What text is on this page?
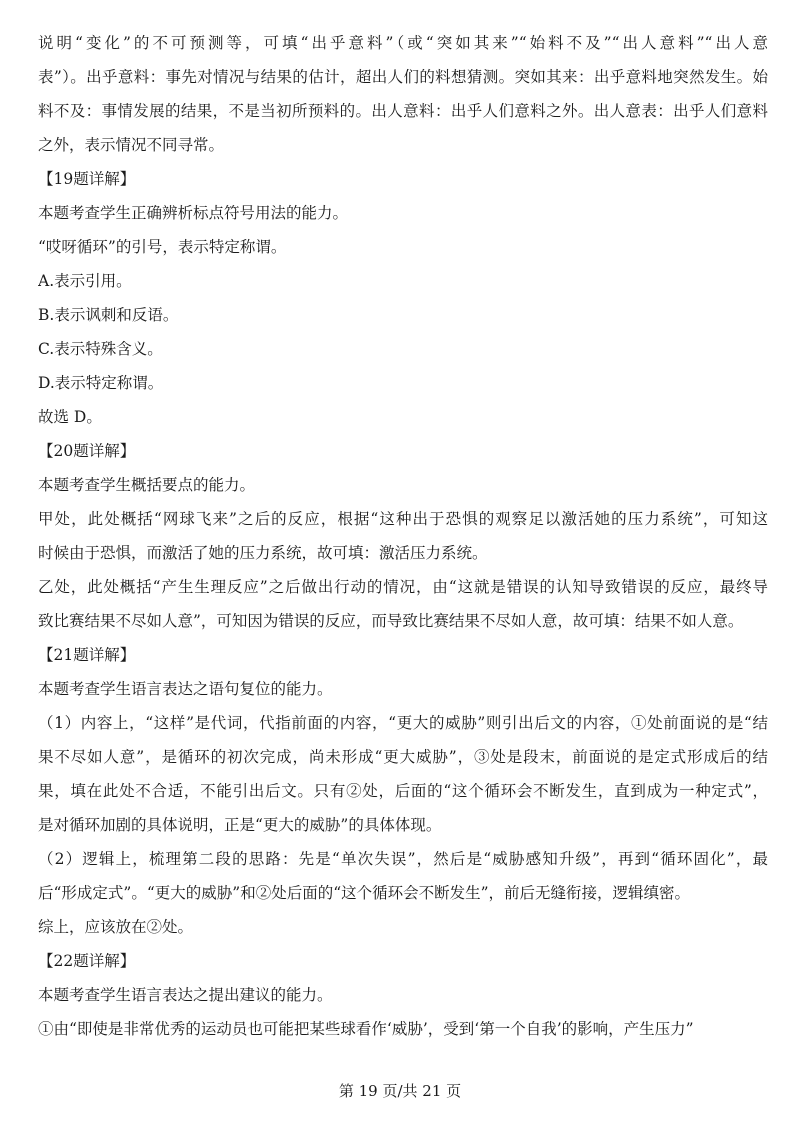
说明“变化”的不可预测等，可填“出乎意料”（或“突如其来”“始料不及”“出人意料”“出人意
表”）。出乎意料：事先对情况与结果的估计，超出人们的料想猜测。突如其来：出乎意料地突然发生。始
料不及：事情发展的结果，不是当初所预料的。出人意料：出乎人们意料之外。出人意表：出乎人们意料
之外，表示情况不同寻常。
【19题详解】
本题考查学生正确辨析标点符号用法的能力。
“哎呀循环”的引号，表示特定称谓。
A.表示引用。
B.表示讽刺和反语。
C.表示特殊含义。
D.表示特定称谓。
故选 D。
【20题详解】
本题考查学生概括要点的能力。
甲处，此处概括“网球飞来”之后的反应，根据“这种出于恐惧的观察足以激活她的压力系统”，可知这
时候由于恐惧，而激活了她的压力系统，故可填：激活压力系统。
乙处，此处概括“产生生理反应”之后做出行动的情况，由“这就是错误的认知导致错误的反应，最终导
致比赛结果不尽如人意”，可知因为错误的反应，而导致比赛结果不尽如人意，故可填：结果不如人意。
【21题详解】
本题考查学生语言表达之语句复位的能力。
（1）内容上，“这样”是代词，代指前面的内容，“更大的威胁”则引出后文的内容，①处前面说的是“结
果不尽如人意”，是循环的初次完成，尚未形成“更大威胁”，③处是段末，前面说的是定式形成后的结
果，填在此处不合适，不能引出后文。只有②处，后面的“这个循环会不断发生，直到成为一种定式”，
是对循环加剧的具体说明，正是“更大的威胁”的具体体现。
（2）逻辑上，梳理第二段的思路：先是“单次失误”，然后是“威胁感知升级”，再到“循环固化”，最
后“形成定式”。“更大的威胁”和②处后面的“这个循环会不断发生”，前后无缝衔接，逻辑缜密。
综上，应该放在②处。
【22题详解】
本题考查学生语言表达之提出建议的能力。
①由“即使是非常优秀的运动员也可能把某些球看作‘威胁’，受到‘第一个自我’的影响，产生压力”
第 19 页/共 21 页
